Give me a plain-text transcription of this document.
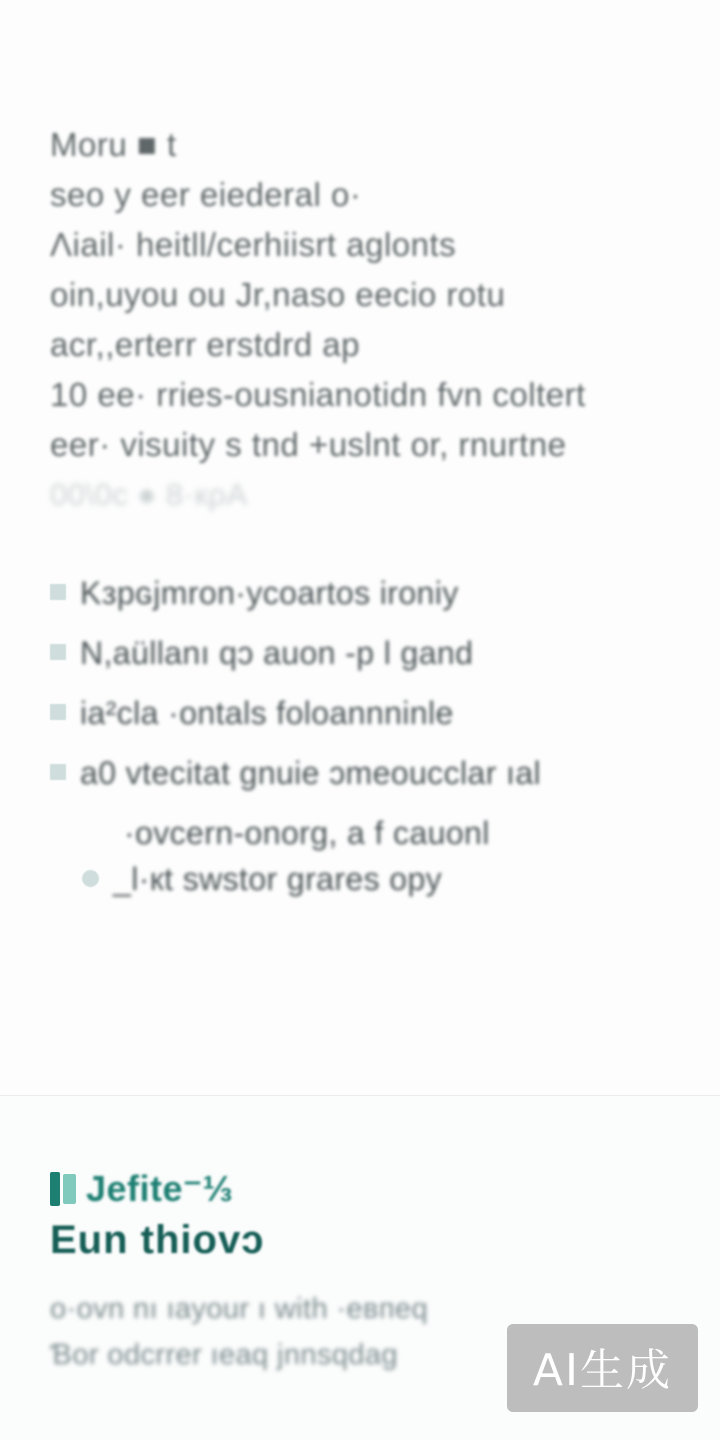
Moru ■ t
seo y eer eiederal o·
Λiail· heitll/cerhiisrt aglonts
oin,uyou ou Jr,naso eecio rotu
acr,,erterr erstdrd ap
10 ee· rries-ousnianotidn fvn coltert
eer· visuity s tnd +uslnt or, rnurtne
00\0c ● 8·кρΑ
Kзpɢjmron·ycoartos ironiy
N,aüllanı qɔ auon -p Ɩ gand
ia²cla ·ontals foloannninle
a0 vtecitat gnuie ɔmeoucclar ıal
·ovcern-onorɡ, a f cauonl
_l·кt swstor grares opy
Jefite⁻⅓
Eun thiovɔ
o·ovn nı ıayour ı with ·евпеq
Ɓor odcrrer ıeaq јnnsqdag	AI生成
